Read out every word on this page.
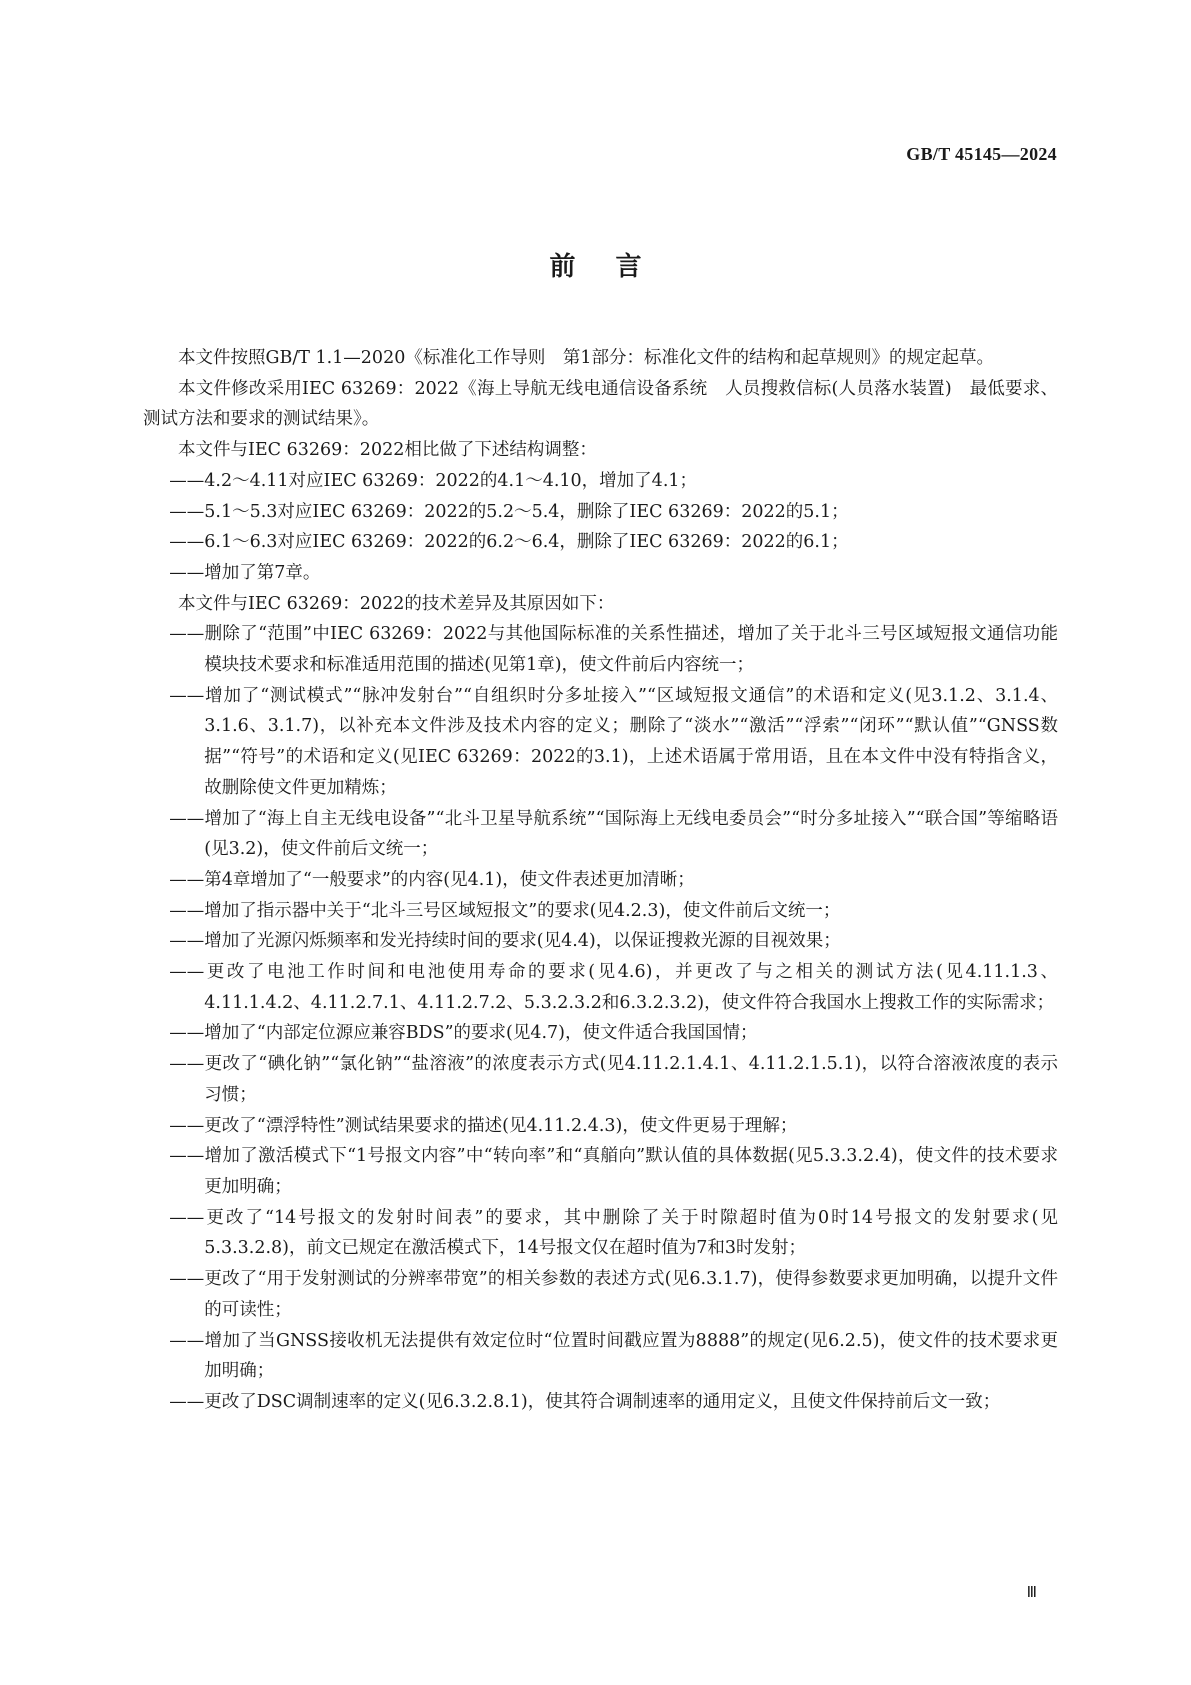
GB/T 45145—2024
前言

本文件按照GB/T 1.1—2020《标准化工作导则　第1部分：标准化文件的结构和起草规则》的规定起草。

本文件修改采用IEC 63269：2022《海上导航无线电通信设备系统　人员搜救信标(人员落水装置)　最低要求、测试方法和要求的测试结果》。

本文件与IEC 63269：2022相比做了下述结构调整：

——4.2～4.11对应IEC 63269：2022的4.1～4.10，增加了4.1；

——5.1～5.3对应IEC 63269：2022的5.2～5.4，删除了IEC 63269：2022的5.1；

——6.1～6.3对应IEC 63269：2022的6.2～6.4，删除了IEC 63269：2022的6.1；

——增加了第7章。

本文件与IEC 63269：2022的技术差异及其原因如下：

——删除了“范围”中IEC 63269：2022与其他国际标准的关系性描述，增加了关于北斗三号区域短报文通信功能模块技术要求和标准适用范围的描述(见第1章)，使文件前后内容统一；

——增加了“测试模式”“脉冲发射台”“自组织时分多址接入”“区域短报文通信”的术语和定义(见3.1.2、3.1.4、3.1.6、3.1.7)，以补充本文件涉及技术内容的定义；删除了“淡水”“激活”“浮索”“闭环”“默认值”“GNSS数据”“符号”的术语和定义(见IEC 63269：2022的3.1)，上述术语属于常用语，且在本文件中没有特指含义，故删除使文件更加精炼；

——增加了“海上自主无线电设备”“北斗卫星导航系统”“国际海上无线电委员会”“时分多址接入”“联合国”等缩略语(见3.2)，使文件前后文统一；

——第4章增加了“一般要求”的内容(见4.1)，使文件表述更加清晰；

——增加了指示器中关于“北斗三号区域短报文”的要求(见4.2.3)，使文件前后文统一；

——增加了光源闪烁频率和发光持续时间的要求(见4.4)，以保证搜救光源的目视效果；

——更改了电池工作时间和电池使用寿命的要求(见4.6)，并更改了与之相关的测试方法(见4.11.1.3、4.11.1.4.2、4.11.2.7.1、4.11.2.7.2、5.3.2.3.2和6.3.2.3.2)，使文件符合我国水上搜救工作的实际需求；

——增加了“内部定位源应兼容BDS”的要求(见4.7)，使文件适合我国国情；

——更改了“碘化钠”“氯化钠”“盐溶液”的浓度表示方式(见4.11.2.1.4.1、4.11.2.1.5.1)，以符合溶液浓度的表示习惯；

——更改了“漂浮特性”测试结果要求的描述(见4.11.2.4.3)，使文件更易于理解；

——增加了激活模式下“1号报文内容”中“转向率”和“真艏向”默认值的具体数据(见5.3.3.2.4)，使文件的技术要求更加明确；

——更改了“14号报文的发射时间表”的要求，其中删除了关于时隙超时值为0时14号报文的发射要求(见5.3.3.2.8)，前文已规定在激活模式下，14号报文仅在超时值为7和3时发射；

——更改了“用于发射测试的分辨率带宽”的相关参数的表述方式(见6.3.1.7)，使得参数要求更加明确，以提升文件的可读性；

——增加了当GNSS接收机无法提供有效定位时“位置时间戳应置为8888”的规定(见6.2.5)，使文件的技术要求更加明确；

——更改了DSC调制速率的定义(见6.3.2.8.1)，使其符合调制速率的通用定义，且使文件保持前后文一致；

Ⅲ
